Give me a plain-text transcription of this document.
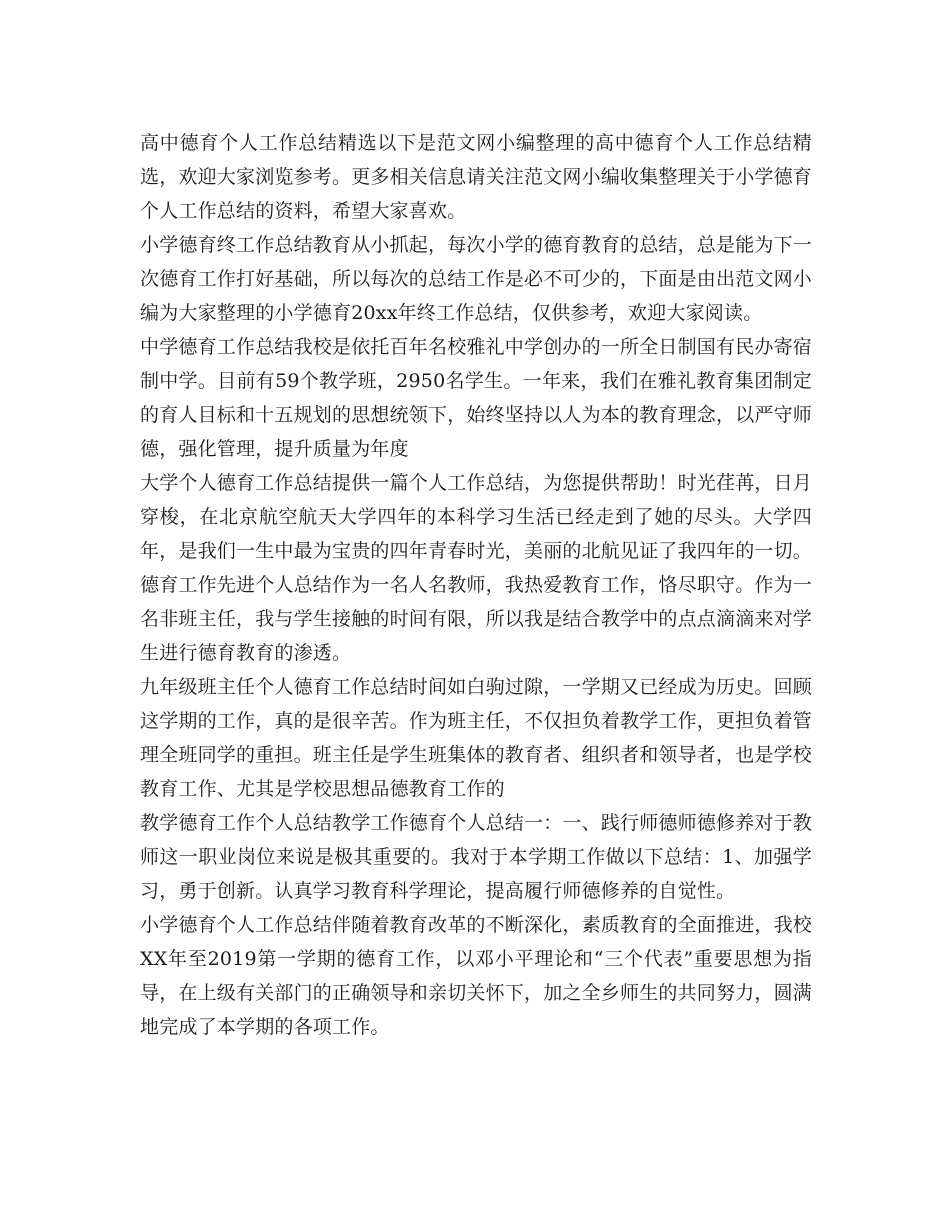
高中德育个人工作总结精选以下是范文网小编整理的高中德育个人工作总结精选，欢迎大家浏览参考。更多相关信息请关注范文网小编收集整理关于小学德育个人工作总结的资料，希望大家喜欢。

小学德育终工作总结教育从小抓起，每次小学的德育教育的总结，总是能为下一次德育工作打好基础，所以每次的总结工作是必不可少的，下面是由出范文网小编为大家整理的小学德育20xx年终工作总结，仅供参考，欢迎大家阅读。

中学德育工作总结我校是依托百年名校雅礼中学创办的一所全日制国有民办寄宿制中学。目前有59个教学班，2950名学生。一年来，我们在雅礼教育集团制定的育人目标和十五规划的思想统领下，始终坚持以人为本的教育理念，以严守师德，强化管理，提升质量为年度

大学个人德育工作总结提供一篇个人工作总结，为您提供帮助！时光荏苒，日月穿梭，在北京航空航天大学四年的本科学习生活已经走到了她的尽头。大学四年，是我们一生中最为宝贵的四年青春时光，美丽的北航见证了我四年的一切。

德育工作先进个人总结作为一名人名教师，我热爱教育工作，恪尽职守。作为一名非班主任，我与学生接触的时间有限，所以我是结合教学中的点点滴滴来对学生进行德育教育的渗透。

九年级班主任个人德育工作总结时间如白驹过隙，一学期又已经成为历史。回顾这学期的工作，真的是很辛苦。作为班主任，不仅担负着教学工作，更担负着管理全班同学的重担。班主任是学生班集体的教育者、组织者和领导者，也是学校教育工作、尤其是学校思想品德教育工作的

教学德育工作个人总结教学工作德育个人总结一：一、践行师德师德修养对于教师这一职业岗位来说是极其重要的。我对于本学期工作做以下总结：1、加强学习，勇于创新。认真学习教育科学理论，提高履行师德修养的自觉性。

小学德育个人工作总结伴随着教育改革的不断深化，素质教育的全面推进，我校XX年至2019第一学期的德育工作，以邓小平理论和“三个代表”重要思想为指导，在上级有关部门的正确领导和亲切关怀下，加之全乡师生的共同努力，圆满地完成了本学期的各项工作。
